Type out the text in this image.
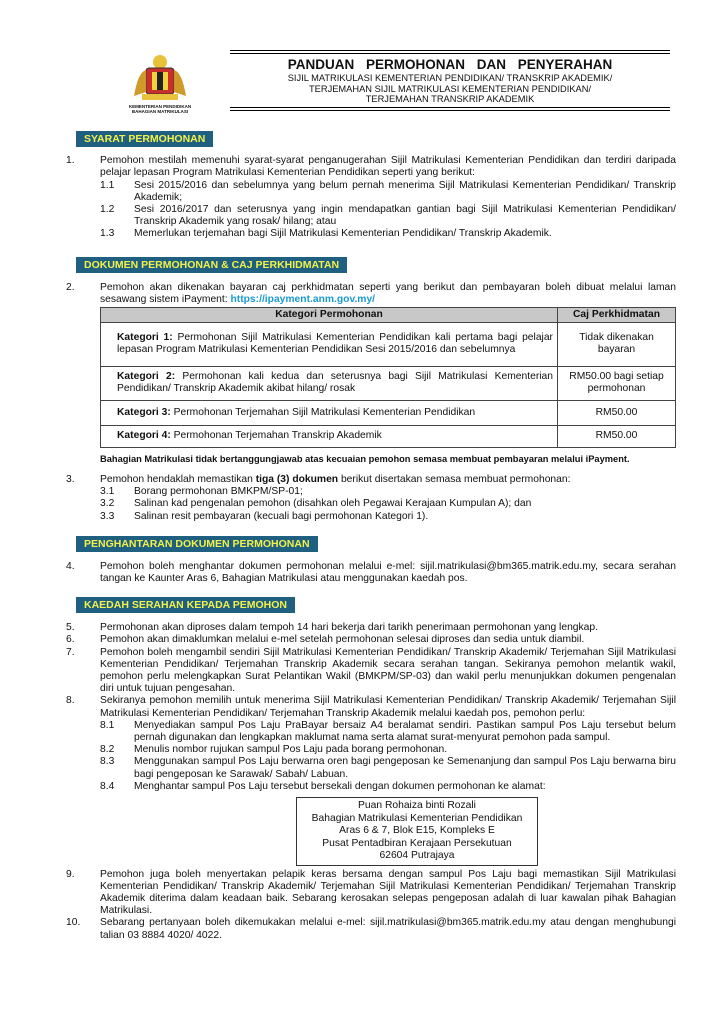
KEMENTERIAN PENDIDIKAN
BAHAGIAN MATRIKULASI
PANDUAN PERMOHONAN DAN PENYERAHAN

SIJIL MATRIKULASI KEMENTERIAN PENDIDIKAN/ TRANSKRIP AKADEMIK/

TERJEMAHAN SIJIL MATRIKULASI KEMENTERIAN PENDIDIKAN/

TERJEMAHAN TRANSKRIP AKADEMIK

SYARAT PERMOHONAN
1. Pemohon mestilah memenuhi syarat-syarat penganugerahan Sijil Matrikulasi Kementerian Pendidikan dan terdiri daripada pelajar lepasan Program Matrikulasi Kementerian Pendidikan seperti yang berikut:
1.1 Sesi 2015/2016 dan sebelumnya yang belum pernah menerima Sijil Matrikulasi Kementerian Pendidikan/ Transkrip Akademik;
1.2 Sesi 2016/2017 dan seterusnya yang ingin mendapatkan gantian bagi Sijil Matrikulasi Kementerian Pendidikan/ Transkrip Akademik yang rosak/ hilang; atau
1.3 Memerlukan terjemahan bagi Sijil Matrikulasi Kementerian Pendidikan/ Transkrip Akademik.
DOKUMEN PERMOHONAN & CAJ PERKHIDMATAN
2. Pemohon akan dikenakan bayaran caj perkhidmatan seperti yang berikut dan pembayaran boleh dibuat melalui laman sesawang sistem iPayment: https://ipayment.anm.gov.my/
Kategori Permohonan	Caj Perkhidmatan
Kategori 1: Permohonan Sijil Matrikulasi Kementerian Pendidikan kali pertama bagi pelajar lepasan Program Matrikulasi Kementerian Pendidikan Sesi 2015/2016 dan sebelumnya	Tidak dikenakan bayaran
Kategori 2: Permohonan kali kedua dan seterusnya bagi Sijil Matrikulasi Kementerian Pendidikan/ Transkrip Akademik akibat hilang/ rosak	RM50.00 bagi setiap permohonan
Kategori 3: Permohonan Terjemahan Sijil Matrikulasi Kementerian Pendidikan	RM50.00
Kategori 4: Permohonan Terjemahan Transkrip Akademik	RM50.00
Bahagian Matrikulasi tidak bertanggungjawab atas kecuaian pemohon semasa membuat pembayaran melalui iPayment.
3. Pemohon hendaklah memastikan tiga (3) dokumen berikut disertakan semasa membuat permohonan:
3.1 Borang permohonan BMKPM/SP-01;
3.2 Salinan kad pengenalan pemohon (disahkan oleh Pegawai Kerajaan Kumpulan A); dan
3.3 Salinan resit pembayaran (kecuali bagi permohonan Kategori 1).
PENGHANTARAN DOKUMEN PERMOHONAN
4. Pemohon boleh menghantar dokumen permohonan melalui e-mel: sijil.matrikulasi@bm365.matrik.edu.my, secara serahan tangan ke Kaunter Aras 6, Bahagian Matrikulasi atau menggunakan kaedah pos.
KAEDAH SERAHAN KEPADA PEMOHON
5. Permohonan akan diproses dalam tempoh 14 hari bekerja dari tarikh penerimaan permohonan yang lengkap.
6. Pemohon akan dimaklumkan melalui e-mel setelah permohonan selesai diproses dan sedia untuk diambil.
7. Pemohon boleh mengambil sendiri Sijil Matrikulasi Kementerian Pendidikan/ Transkrip Akademik/ Terjemahan Sijil Matrikulasi Kementerian Pendidikan/ Terjemahan Transkrip Akademik secara serahan tangan. Sekiranya pemohon melantik wakil, pemohon perlu melengkapkan Surat Pelantikan Wakil (BMKPM/SP-03) dan wakil perlu menunjukkan dokumen pengenalan diri untuk tujuan pengesahan.
8. Sekiranya pemohon memilih untuk menerima Sijil Matrikulasi Kementerian Pendidikan/ Transkrip Akademik/ Terjemahan Sijil Matrikulasi Kementerian Pendidikan/ Terjemahan Transkrip Akademik melalui kaedah pos, pemohon perlu:
8.1 Menyediakan sampul Pos Laju PraBayar bersaiz A4 beralamat sendiri. Pastikan sampul Pos Laju tersebut belum pernah digunakan dan lengkapkan maklumat nama serta alamat surat-menyurat pemohon pada sampul.
8.2 Menulis nombor rujukan sampul Pos Laju pada borang permohonan.
8.3 Menggunakan sampul Pos Laju berwarna oren bagi pengeposan ke Semenanjung dan sampul Pos Laju berwarna biru bagi pengeposan ke Sarawak/ Sabah/ Labuan.
8.4 Menghantar sampul Pos Laju tersebut bersekali dengan dokumen permohonan ke alamat:
Puan Rohaiza binti Rozali
Bahagian Matrikulasi Kementerian Pendidikan
Aras 6 & 7, Blok E15, Kompleks E
Pusat Pentadbiran Kerajaan Persekutuan
62604 Putrajaya
9. Pemohon juga boleh menyertakan pelapik keras bersama dengan sampul Pos Laju bagi memastikan Sijil Matrikulasi Kementerian Pendidikan/ Transkrip Akademik/ Terjemahan Sijil Matrikulasi Kementerian Pendidikan/ Terjemahan Transkrip Akademik diterima dalam keadaan baik. Sebarang kerosakan selepas pengeposan adalah di luar kawalan pihak Bahagian Matrikulasi.
10. Sebarang pertanyaan boleh dikemukakan melalui e-mel: sijil.matrikulasi@bm365.matrik.edu.my atau dengan menghubungi talian 03 8884 4020/ 4022.
